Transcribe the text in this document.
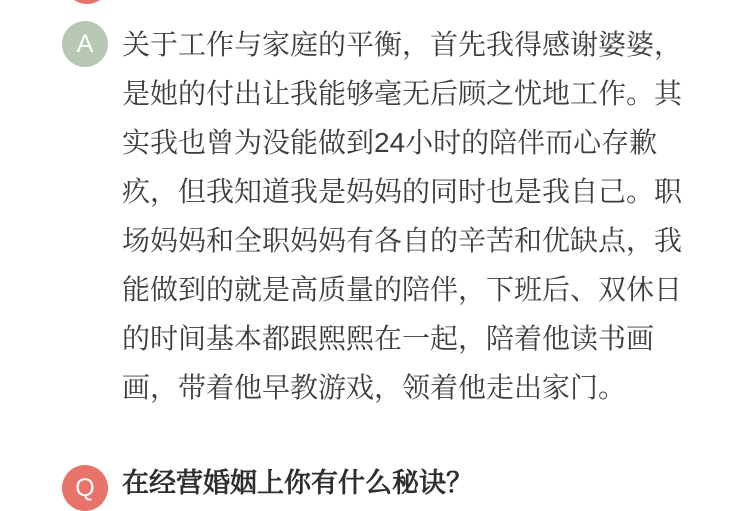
A 关于工作与家庭的平衡，首先我得感谢婆婆，
是她的付出让我能够毫无后顾之忧地工作。其
实我也曾为没能做到24小时的陪伴而心存歉
疚，但我知道我是妈妈的同时也是我自己。职
场妈妈和全职妈妈有各自的辛苦和优缺点，我
能做到的就是高质量的陪伴，下班后、双休日
的时间基本都跟熙熙在一起，陪着他读书画
画，带着他早教游戏，领着他走出家门。
Q 在经营婚姻上你有什么秘诀？
